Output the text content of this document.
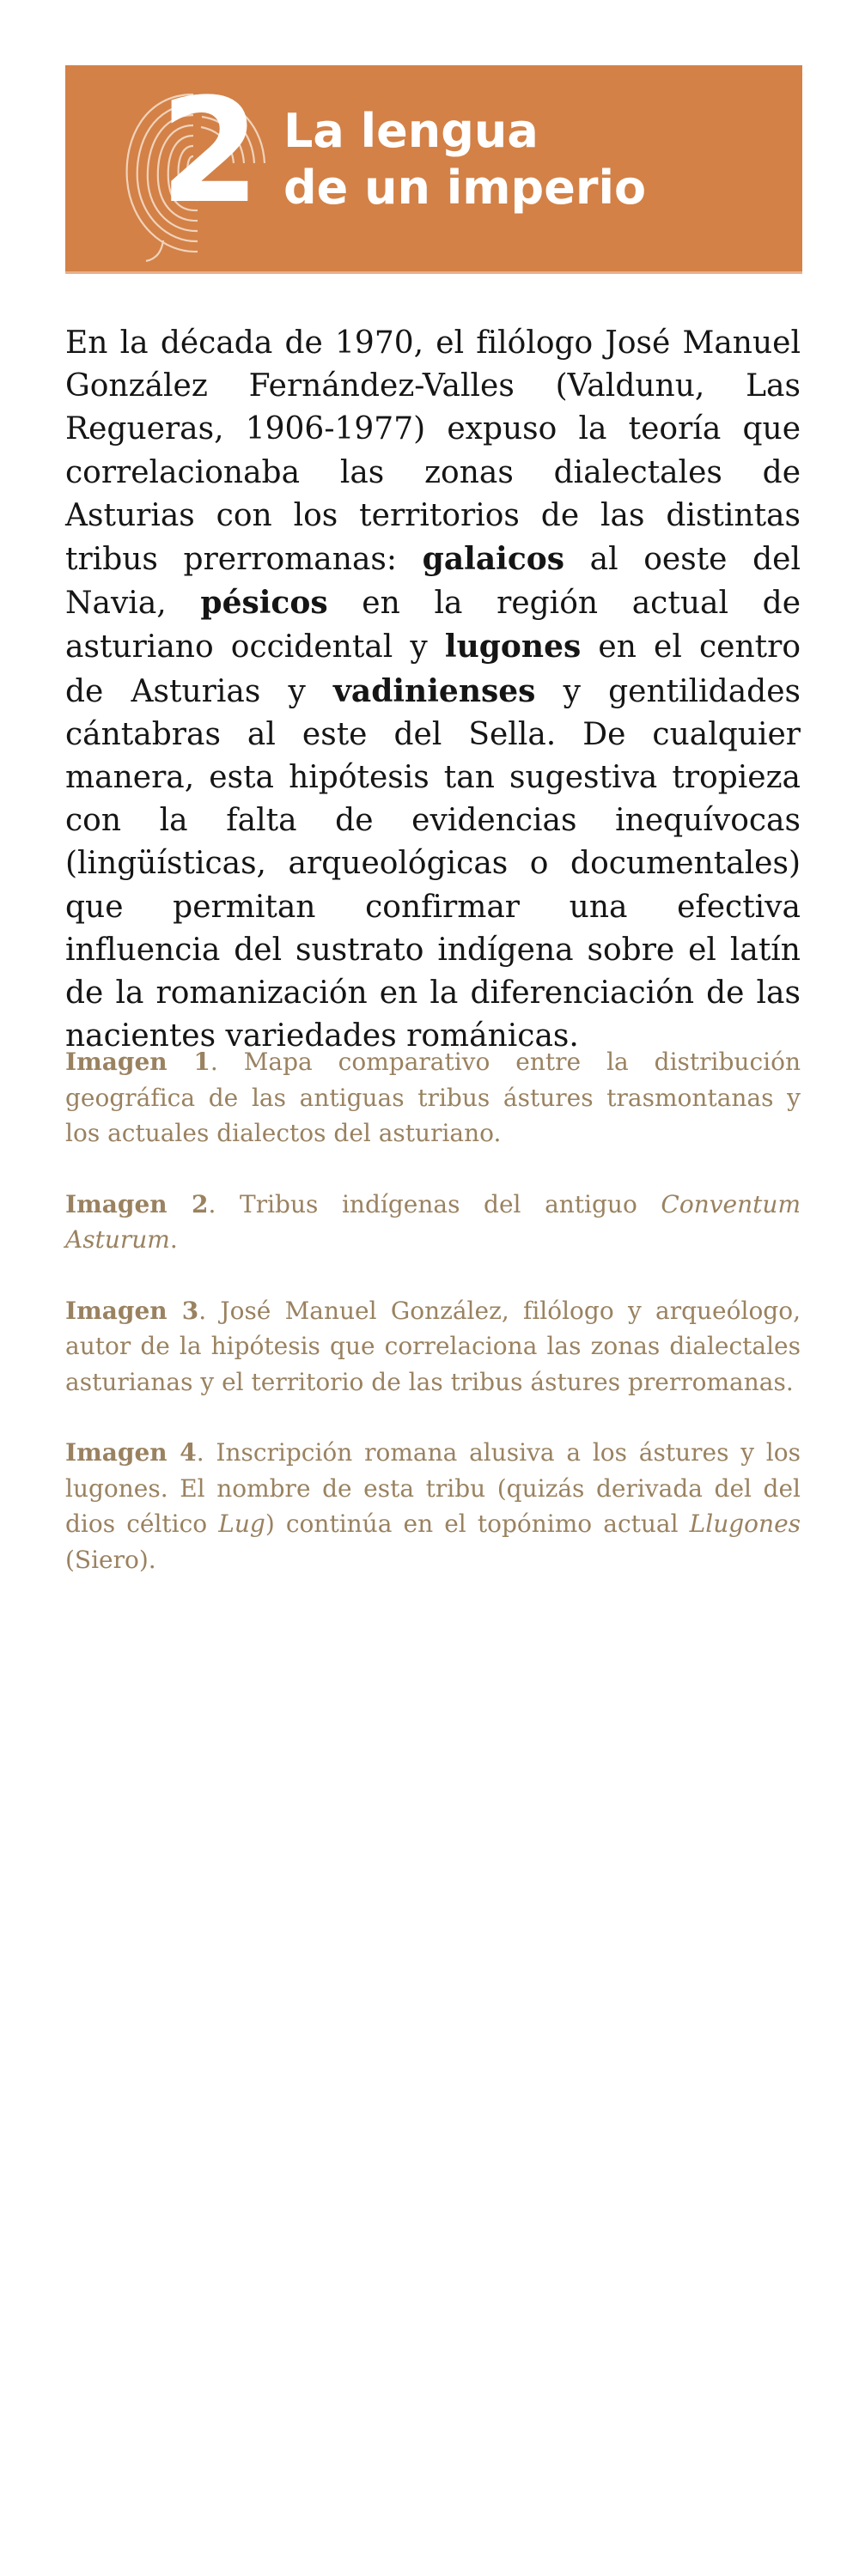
2 La lengua
de un imperio

En la década de 1970, el filólogo José Manuel González Fernández-Valles (Valdunu, Las Regueras, 1906-1977) expuso la teoría que correlacionaba las zonas dialectales de Asturias con los territorios de las distintas tribus prerromanas: galaicos al oeste del Navia, pésicos en la región actual de asturiano occidental y lugones en el centro de Asturias y vadinienses y gentilidades cántabras al este del Sella. De cualquier manera, esta hipótesis tan sugestiva tropieza con la falta de evidencias inequívocas (lingüísticas, arqueológicas o documentales) que permitan confirmar una efectiva influencia del sustrato indígena sobre el latín de la romanización en la diferenciación de las nacientes variedades románicas.

Imagen 1. Mapa comparativo entre la distribución geográfica de las antiguas tribus ástures trasmontanas y los actuales dialectos del asturiano.

Imagen 2. Tribus indígenas del antiguo Conventum Asturum.

Imagen 3. José Manuel González, filólogo y arqueólogo, autor de la hipótesis que correlaciona las zonas dialectales asturianas y el territorio de las tribus ástures prerromanas.

Imagen 4. Inscripción romana alusiva a los ástures y los lugones. El nombre de esta tribu (quizás derivada del del dios céltico Lug) continúa en el topónimo actual Llugones (Siero).
